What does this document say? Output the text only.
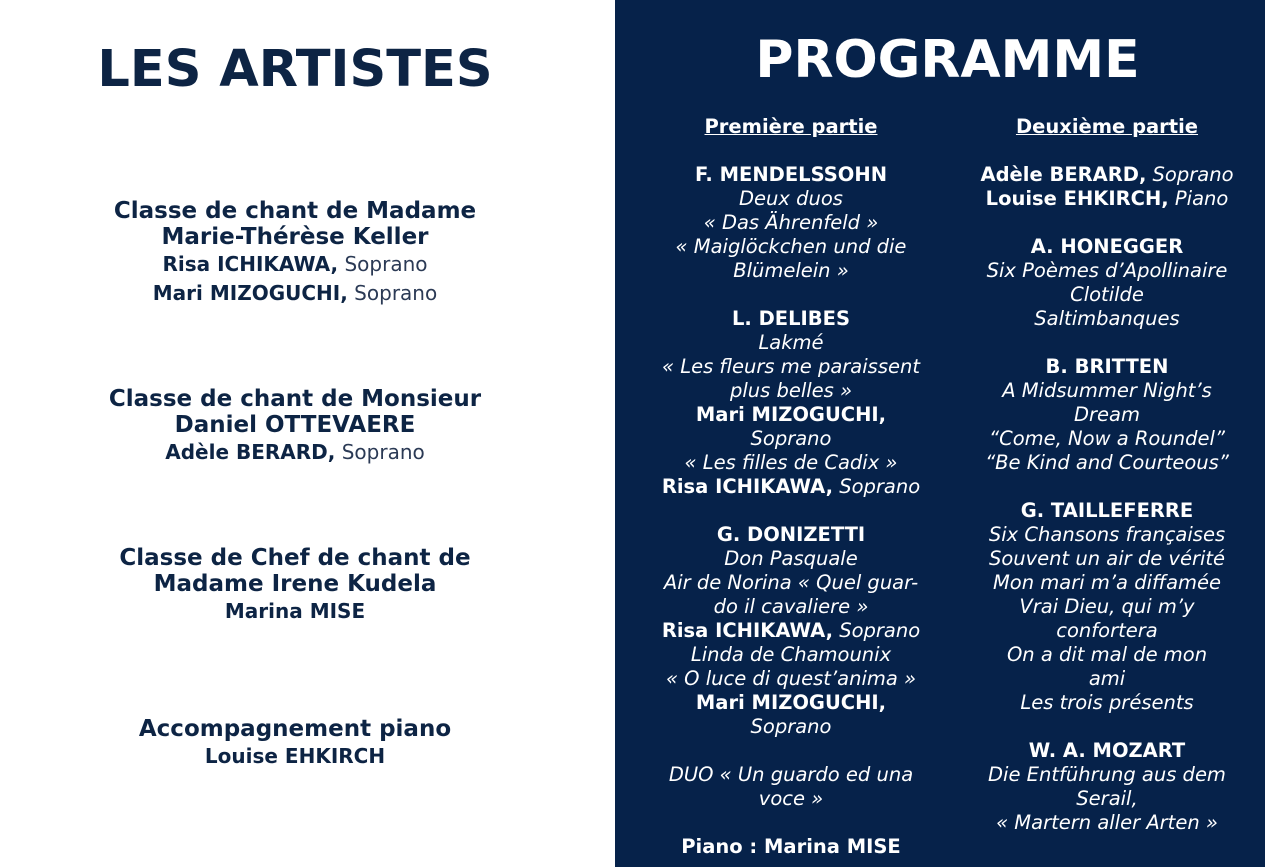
LES ARTISTES
Classe de chant de Madame
Marie-Thérèse Keller
Risa ICHIKAWA, Soprano
Mari MIZOGUCHI, Soprano
Classe de chant de Monsieur
Daniel OTTEVAERE
Adèle BERARD, Soprano
Classe de Chef de chant de
Madame Irene Kudela
Marina MISE
Accompagnement piano
Louise EHKIRCH
PROGRAMME
Première partie
F. MENDELSSOHN
Deux duos
« Das Ährenfeld »
« Maiglöckchen und die
Blümelein »
L. DELIBES
Lakmé
« Les fleurs me paraissent
plus belles »
Mari MIZOGUCHI,
Soprano
« Les filles de Cadix »
Risa ICHIKAWA, Soprano
G. DONIZETTI
Don Pasquale
Air de Norina « Quel guar-
do il cavaliere »
Risa ICHIKAWA, Soprano
Linda de Chamounix
« O luce di quest’anima »
Mari MIZOGUCHI,
Soprano
DUO « Un guardo ed una
voce »
Piano : Marina MISE
Deuxième partie
Adèle BERARD, Soprano
Louise EHKIRCH, Piano
A. HONEGGER
Six Poèmes d’Apollinaire
Clotilde
Saltimbanques
B. BRITTEN
A Midsummer Night’s
Dream
“Come, Now a Roundel”
“Be Kind and Courteous”
G. TAILLEFERRE
Six Chansons françaises
Souvent un air de vérité
Mon mari m’a diffamée
Vrai Dieu, qui m’y
confortera
On a dit mal de mon
ami
Les trois présents
W. A. MOZART
Die Entführung aus dem
Serail,
« Martern aller Arten »
